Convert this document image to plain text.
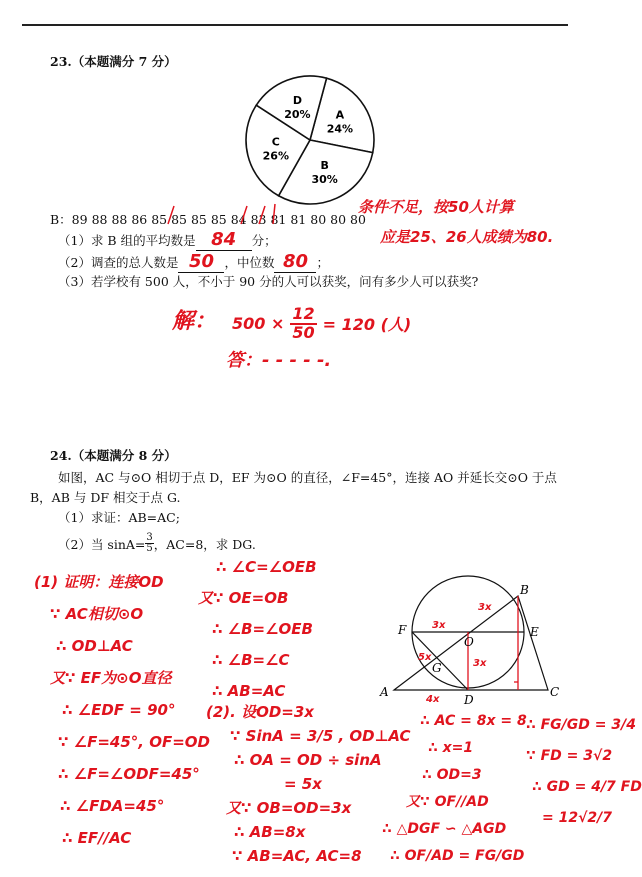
23.（本题满分 7 分）
A
24%
B
30%
C
26%
D
20%
B：89 88 88 86 85 85 85 85 84 83 81 81 80 80 80
（1）求 B 组的平均数是 84 分；
（2）调查的总人数是 50 ，中位数 80 ；
（3）若学校有 500 人，不小于 90 分的人可以获奖，问有多少人可以获奖?
条件不足，按50人计算
应是25、26人成绩为80.
解： $500 \times \frac{12}{50} = 120$ (人)
答：- - - - -.
24.（本题满分 8 分）
如图，AC 与⊙O 相切于点 D，EF 为⊙O 的直径，∠F=45°，连接 AO 并延长交⊙O 于点
B，AB 与 DF 相交于点 G.
（1）求证：AB=AC;
（2）当 $\sin A= \frac{3}{5}$ ，AC=8，求 DG.
B
F	E
O
G
A
D
C
3x
3x
3x
5x
4x
(1) 证明：连接OD
∵ AC相切⊙O
∴ OD⊥AC
又∵ EF为⊙O直径
∴ ∠EDF = 90°
∵ ∠F=45°, OF=OD
∴ ∠F=∠ODF=45°
∴ ∠FDA=45°
∴ EF//AC
∴ ∠C=∠OEB
又∵ OE=OB
∴ ∠B=∠OEB
∴ ∠B=∠C
∴ AB=AC
(2). 设OD=3x
∵ SinA = 3/5 , OD⊥AC
∴ OA = OD ÷ sinA
= 5x
又∵ OB=OD=3x
∴ AB=8x
∵ AB=AC, AC=8
∴ AC = 8x = 8
∴ x=1
∴ OD=3
又∵ OF//AD
∴ △DGF ∽ △AGD
∴ OF/AD = FG/GD
∴ FG/GD = 3/4
∵ FD = 3√2
∴ GD = 4/7 FD
= 12√2/7
